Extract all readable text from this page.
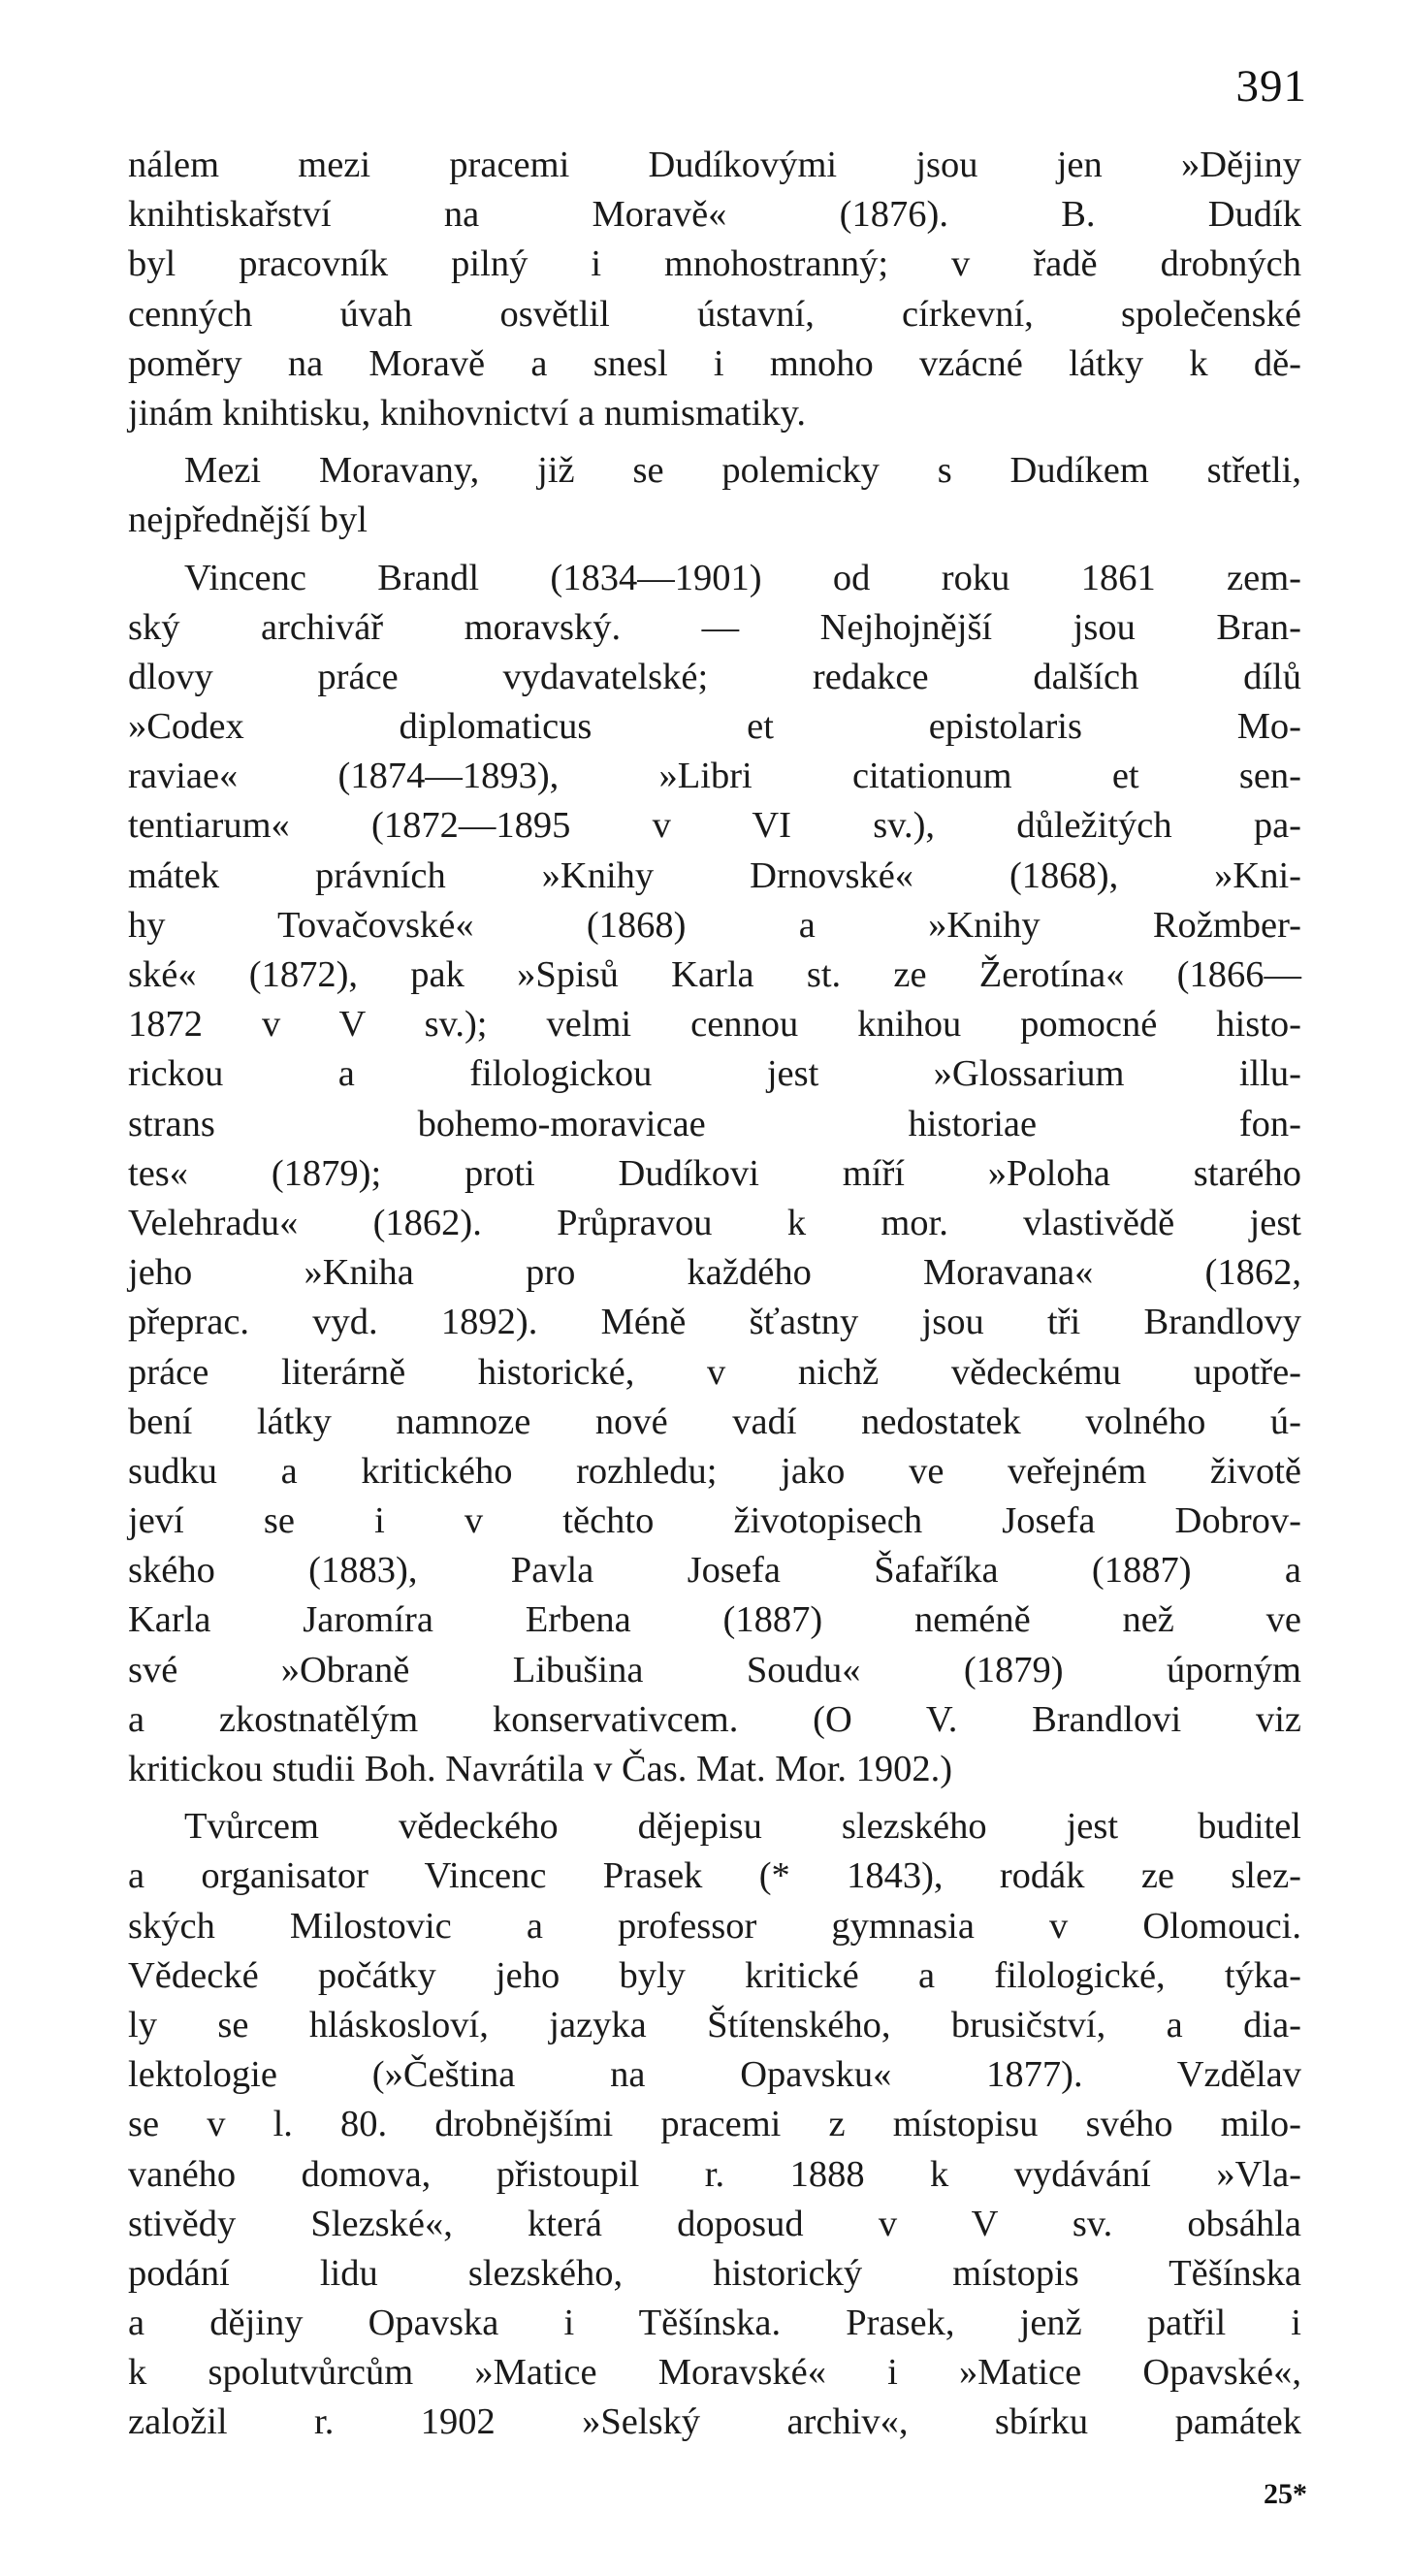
391

nálem mezi pracemi Dudíkovými jsou jen »Dějiny
knihtiskařství na Moravě« (1876). B. Dudík
byl pracovník pilný i mnohostranný; v řadě drobných
cenných úvah osvětlil ústavní, církevní, společenské
poměry na Moravě a snesl i mnoho vzácné látky k dě-
jinám knihtisku, knihovnictví a numismatiky.
Mezi Moravany, již se polemicky s Dudíkem střetli,
nejpřednější byl
Vincenc Brandl (1834—1901) od roku 1861 zem-
ský archivář moravský. — Nejhojnější jsou Bran-
dlovy práce vydavatelské; redakce dalších dílů
»Codex diplomaticus et epistolaris Mo-
raviae« (1874—1893), »Libri citationum et sen-
tentiarum« (1872—1895 v VI sv.), důležitých pa-
mátek právních »Knihy Drnovské« (1868), »Kni-
hy Tovačovské« (1868) a »Knihy Rožmber-
ské« (1872), pak »Spisů Karla st. ze Žerotína« (1866—
1872 v V sv.); velmi cennou knihou pomocné histo-
rickou a filologickou jest »Glossarium illu-
strans bohemo-moravicae historiae fon-
tes« (1879); proti Dudíkovi míří »Poloha starého
Velehradu« (1862). Průpravou k mor. vlastivědě jest
jeho »Kniha pro každého Moravana« (1862,
přeprac. vyd. 1892). Méně šťastny jsou tři Brandlovy
práce literárně historické, v nichž vědeckému upotře-
bení látky namnoze nové vadí nedostatek volného ú-
sudku a kritického rozhledu; jako ve veřejném životě
jeví se i v těchto životopisech Josefa Dobrov-
ského (1883), Pavla Josefa Šafaříka (1887) a
Karla Jaromíra Erbena (1887) neméně než ve
své »Obraně Libušina Soudu« (1879) úporným
a zkostnatělým konservativcem. (O V. Brandlovi viz
kritickou studii Boh. Navrátila v Čas. Mat. Mor. 1902.)
Tvůrcem vědeckého dějepisu slezského jest buditel
a organisator Vincenc Prasek (* 1843), rodák ze slez-
ských Milostovic a professor gymnasia v Olomouci.
Vědecké počátky jeho byly kritické a filologické, týka-
ly se hláskosloví, jazyka Štítenského, brusičství, a dia-
lektologie (»Čeština na Opavsku« 1877). Vzdělav
se v l. 80. drobnějšími pracemi z místopisu svého milo-
vaného domova, přistoupil r. 1888 k vydávání »Vla-
stivědy Slezské«, která doposud v V sv. obsáhla
podání lidu slezského, historický místopis Těšínska
a dějiny Opavska i Těšínska. Prasek, jenž patřil i
k spolutvůrcům »Matice Moravské« i »Matice Opavské«,
založil r. 1902 »Selský archiv«, sbírku památek

25*
